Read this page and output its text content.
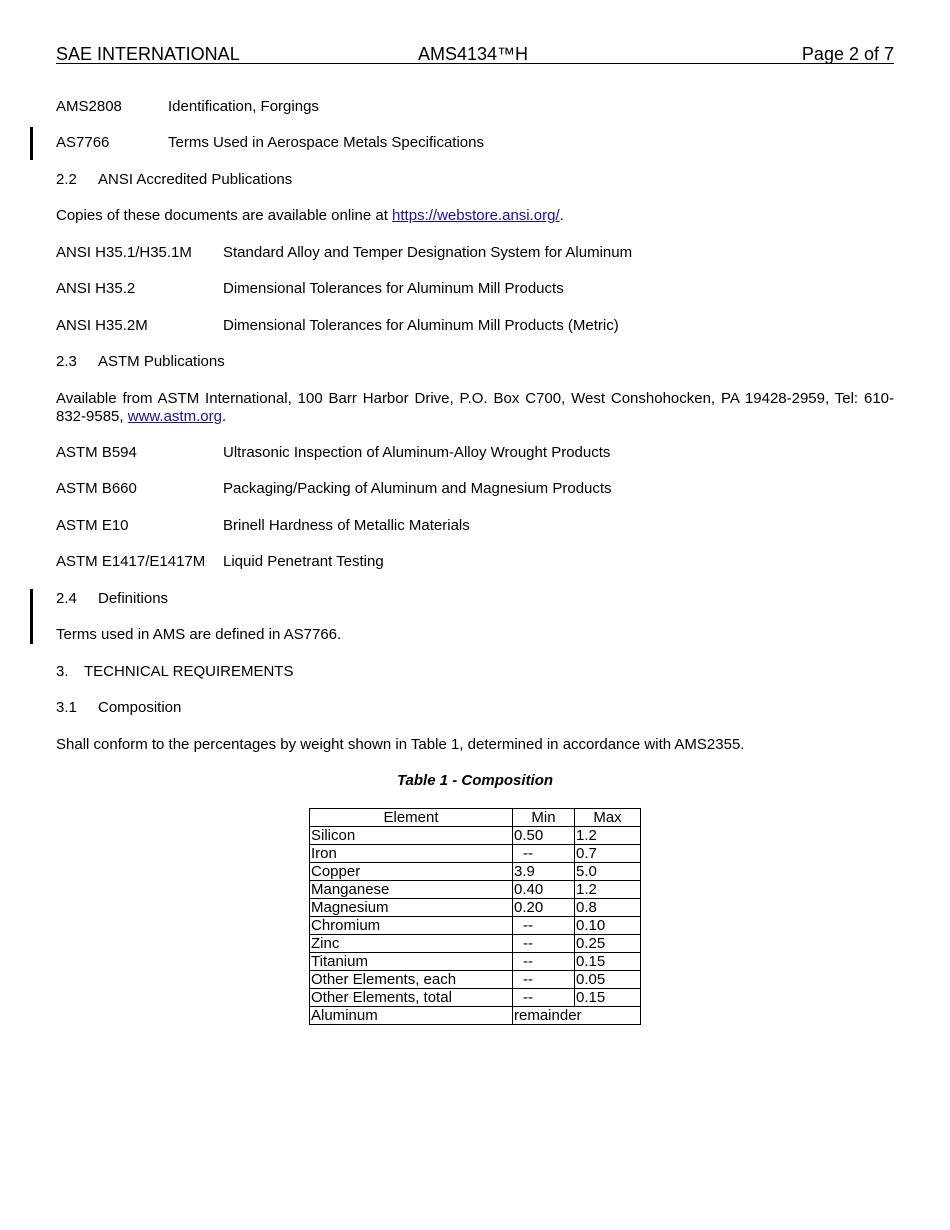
SAE INTERNATIONAL	AMS4134™H	Page 2 of 7
AMS2808	Identification, Forgings
AS7766	Terms Used in Aerospace Metals Specifications
2.2 ANSI Accredited Publications
Copies of these documents are available online at https://webstore.ansi.org/.
ANSI H35.1/H35.1M Standard Alloy and Temper Designation System for Aluminum
ANSI H35.2	Dimensional Tolerances for Aluminum Mill Products
ANSI H35.2M	Dimensional Tolerances for Aluminum Mill Products (Metric)
2.3 ASTM Publications
Available from ASTM International, 100 Barr Harbor Drive, P.O. Box C700, West Conshohocken, PA 19428-2959, Tel: 610-832-9585, www.astm.org.
ASTM B594	Ultrasonic Inspection of Aluminum-Alloy Wrought Products
ASTM B660	Packaging/Packing of Aluminum and Magnesium Products
ASTM E10	Brinell Hardness of Metallic Materials
ASTM E1417/E1417M Liquid Penetrant Testing
2.4 Definitions
Terms used in AMS are defined in AS7766.
3. TECHNICAL REQUIREMENTS
3.1 Composition
Shall conform to the percentages by weight shown in Table 1, determined in accordance with AMS2355.
Table 1 - Composition
Element	Min	Max
Silicon	0.50	1.2
Iron	--	0.7
Copper	3.9	5.0
Manganese	0.40	1.2
Magnesium	0.20	0.8
Chromium	--	0.10
Zinc	--	0.25
Titanium	--	0.15
Other Elements, each	--	0.05
Other Elements, total	--	0.15
Aluminum	remainder	
